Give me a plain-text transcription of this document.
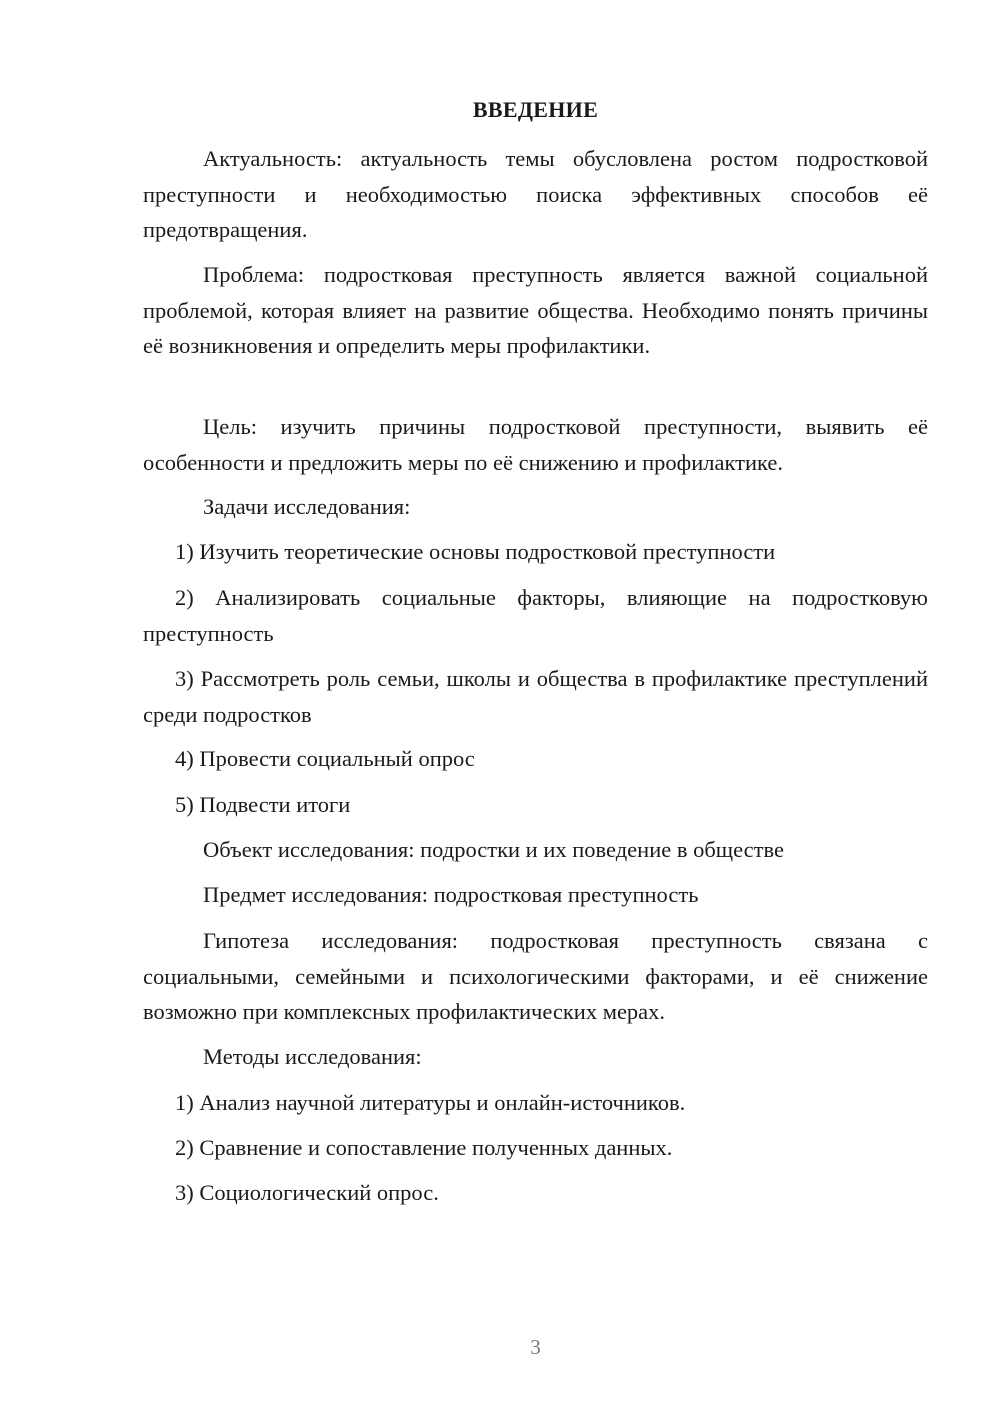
ВВЕДЕНИЕ

Актуальность: актуальность темы обусловлена ростом подростковой преступности и необходимостью поиска эффективных способов её предотвращения.

Проблема: подростковая преступность является важной социальной проблемой, которая влияет на развитие общества. Необходимо понять причины её возникновения и определить меры профилактики.

Цель: изучить причины подростковой преступности, выявить её особенности и предложить меры по её снижению и профилактике.

Задачи исследования:

1) Изучить теоретические основы подростковой преступности

2) Анализировать социальные факторы, влияющие на подростковую преступность

3) Рассмотреть роль семьи, школы и общества в профилактике преступлений среди подростков

4) Провести социальный опрос

5) Подвести итоги

Объект исследования: подростки и их поведение в обществе

Предмет исследования: подростковая преступность

Гипотеза исследования: подростковая преступность связана с социальными, семейными и психологическими факторами, и её снижение возможно при комплексных профилактических мерах.

Методы исследования:

1) Анализ научной литературы и онлайн-источников.

2) Сравнение и сопоставление полученных данных.

3) Социологический опрос.

3
